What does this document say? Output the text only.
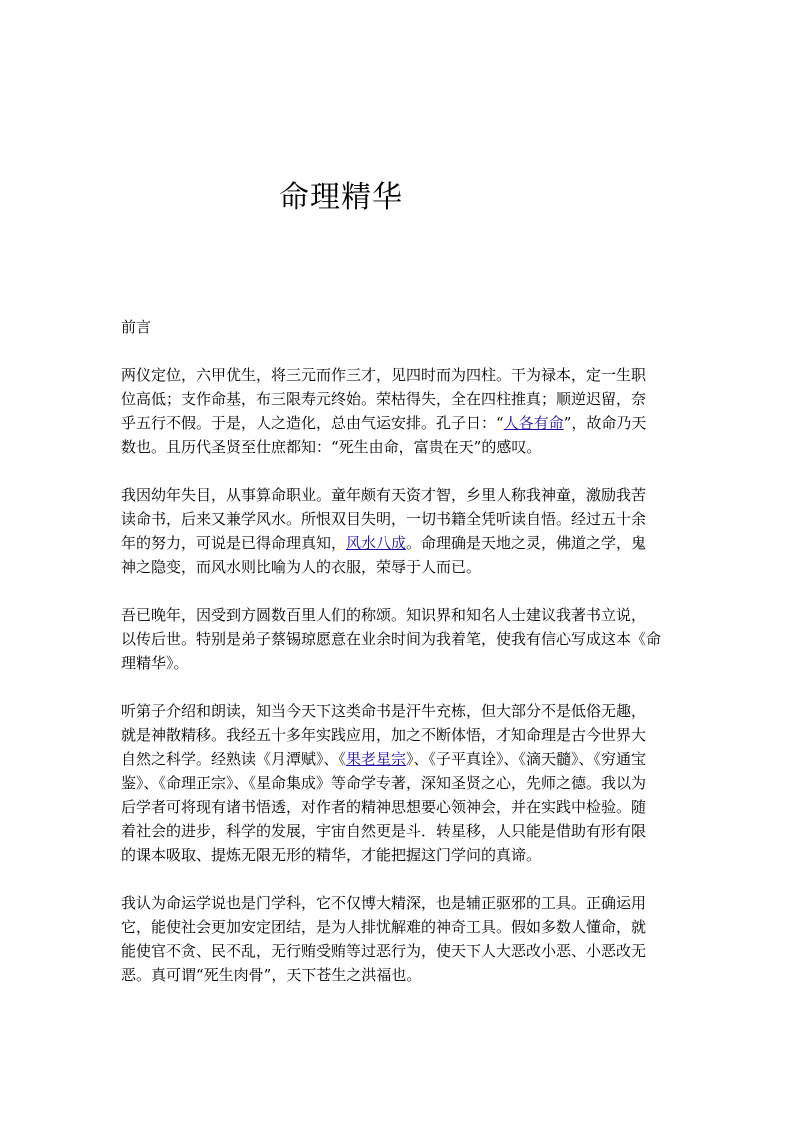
命理精华
前言
两仪定位，六甲优生，将三元而作三才，见四时而为四柱。干为禄本，定一生职
位高低；支作命基，布三限寿元终始。荣枯得失，全在四柱推真；顺逆迟留，奈
乎五行不假。于是，人之造化，总由气运安排。孔子日：“人各有命”，故命乃天
数也。且历代圣贤至仕庶都知：“死生由命，富贵在天”的感叹。
我因幼年失目，从事算命职业。童年颇有天资才智，乡里人称我神童，激励我苦
读命书，后来又兼学风水。所恨双目失明，一切书籍全凭听读自悟。经过五十余
年的努力，可说是已得命理真知，风水八成。命理确是天地之灵，佛道之学，鬼
神之隐变，而风水则比喻为人的衣服，荣辱于人而已。
吾已晚年，因受到方圆数百里人们的称颂。知识界和知名人士建议我著书立说，
以传后世。特别是弟子蔡锡琼愿意在业余时间为我着笔，使我有信心写成这本《命
理精华》。
听第子介绍和朗读，知当今天下这类命书是汗牛充栋，但大部分不是低俗无趣，
就是神散精移。我经五十多年实践应用，加之不断体悟，才知命理是古今世界大
自然之科学。经熟读《月潭赋》、《果老星宗》、《子平真诠》、《滴天髓》、《穷通宝
鉴》、《命理正宗》、《星命集成》等命学专著，深知圣贤之心，先师之德。我以为
后学者可将现有诸书悟透，对作者的精神思想要心领神会，并在实践中检验。随
着社会的进步，科学的发展，宇宙自然更是斗．转星移，人只能是借助有形有限
的课本吸取、提炼无限无形的精华，才能把握这门学问的真谛。
我认为命运学说也是门学科，它不仅博大精深，也是辅正驱邪的工具。正确运用
它，能使社会更加安定团结，是为人排忧解难的神奇工具。假如多数人懂命，就
能使官不贪、民不乱，无行贿受贿等过恶行为，使天下人大恶改小恶、小恶改无
恶。真可谓“死生肉骨”，天下苍生之洪福也。
